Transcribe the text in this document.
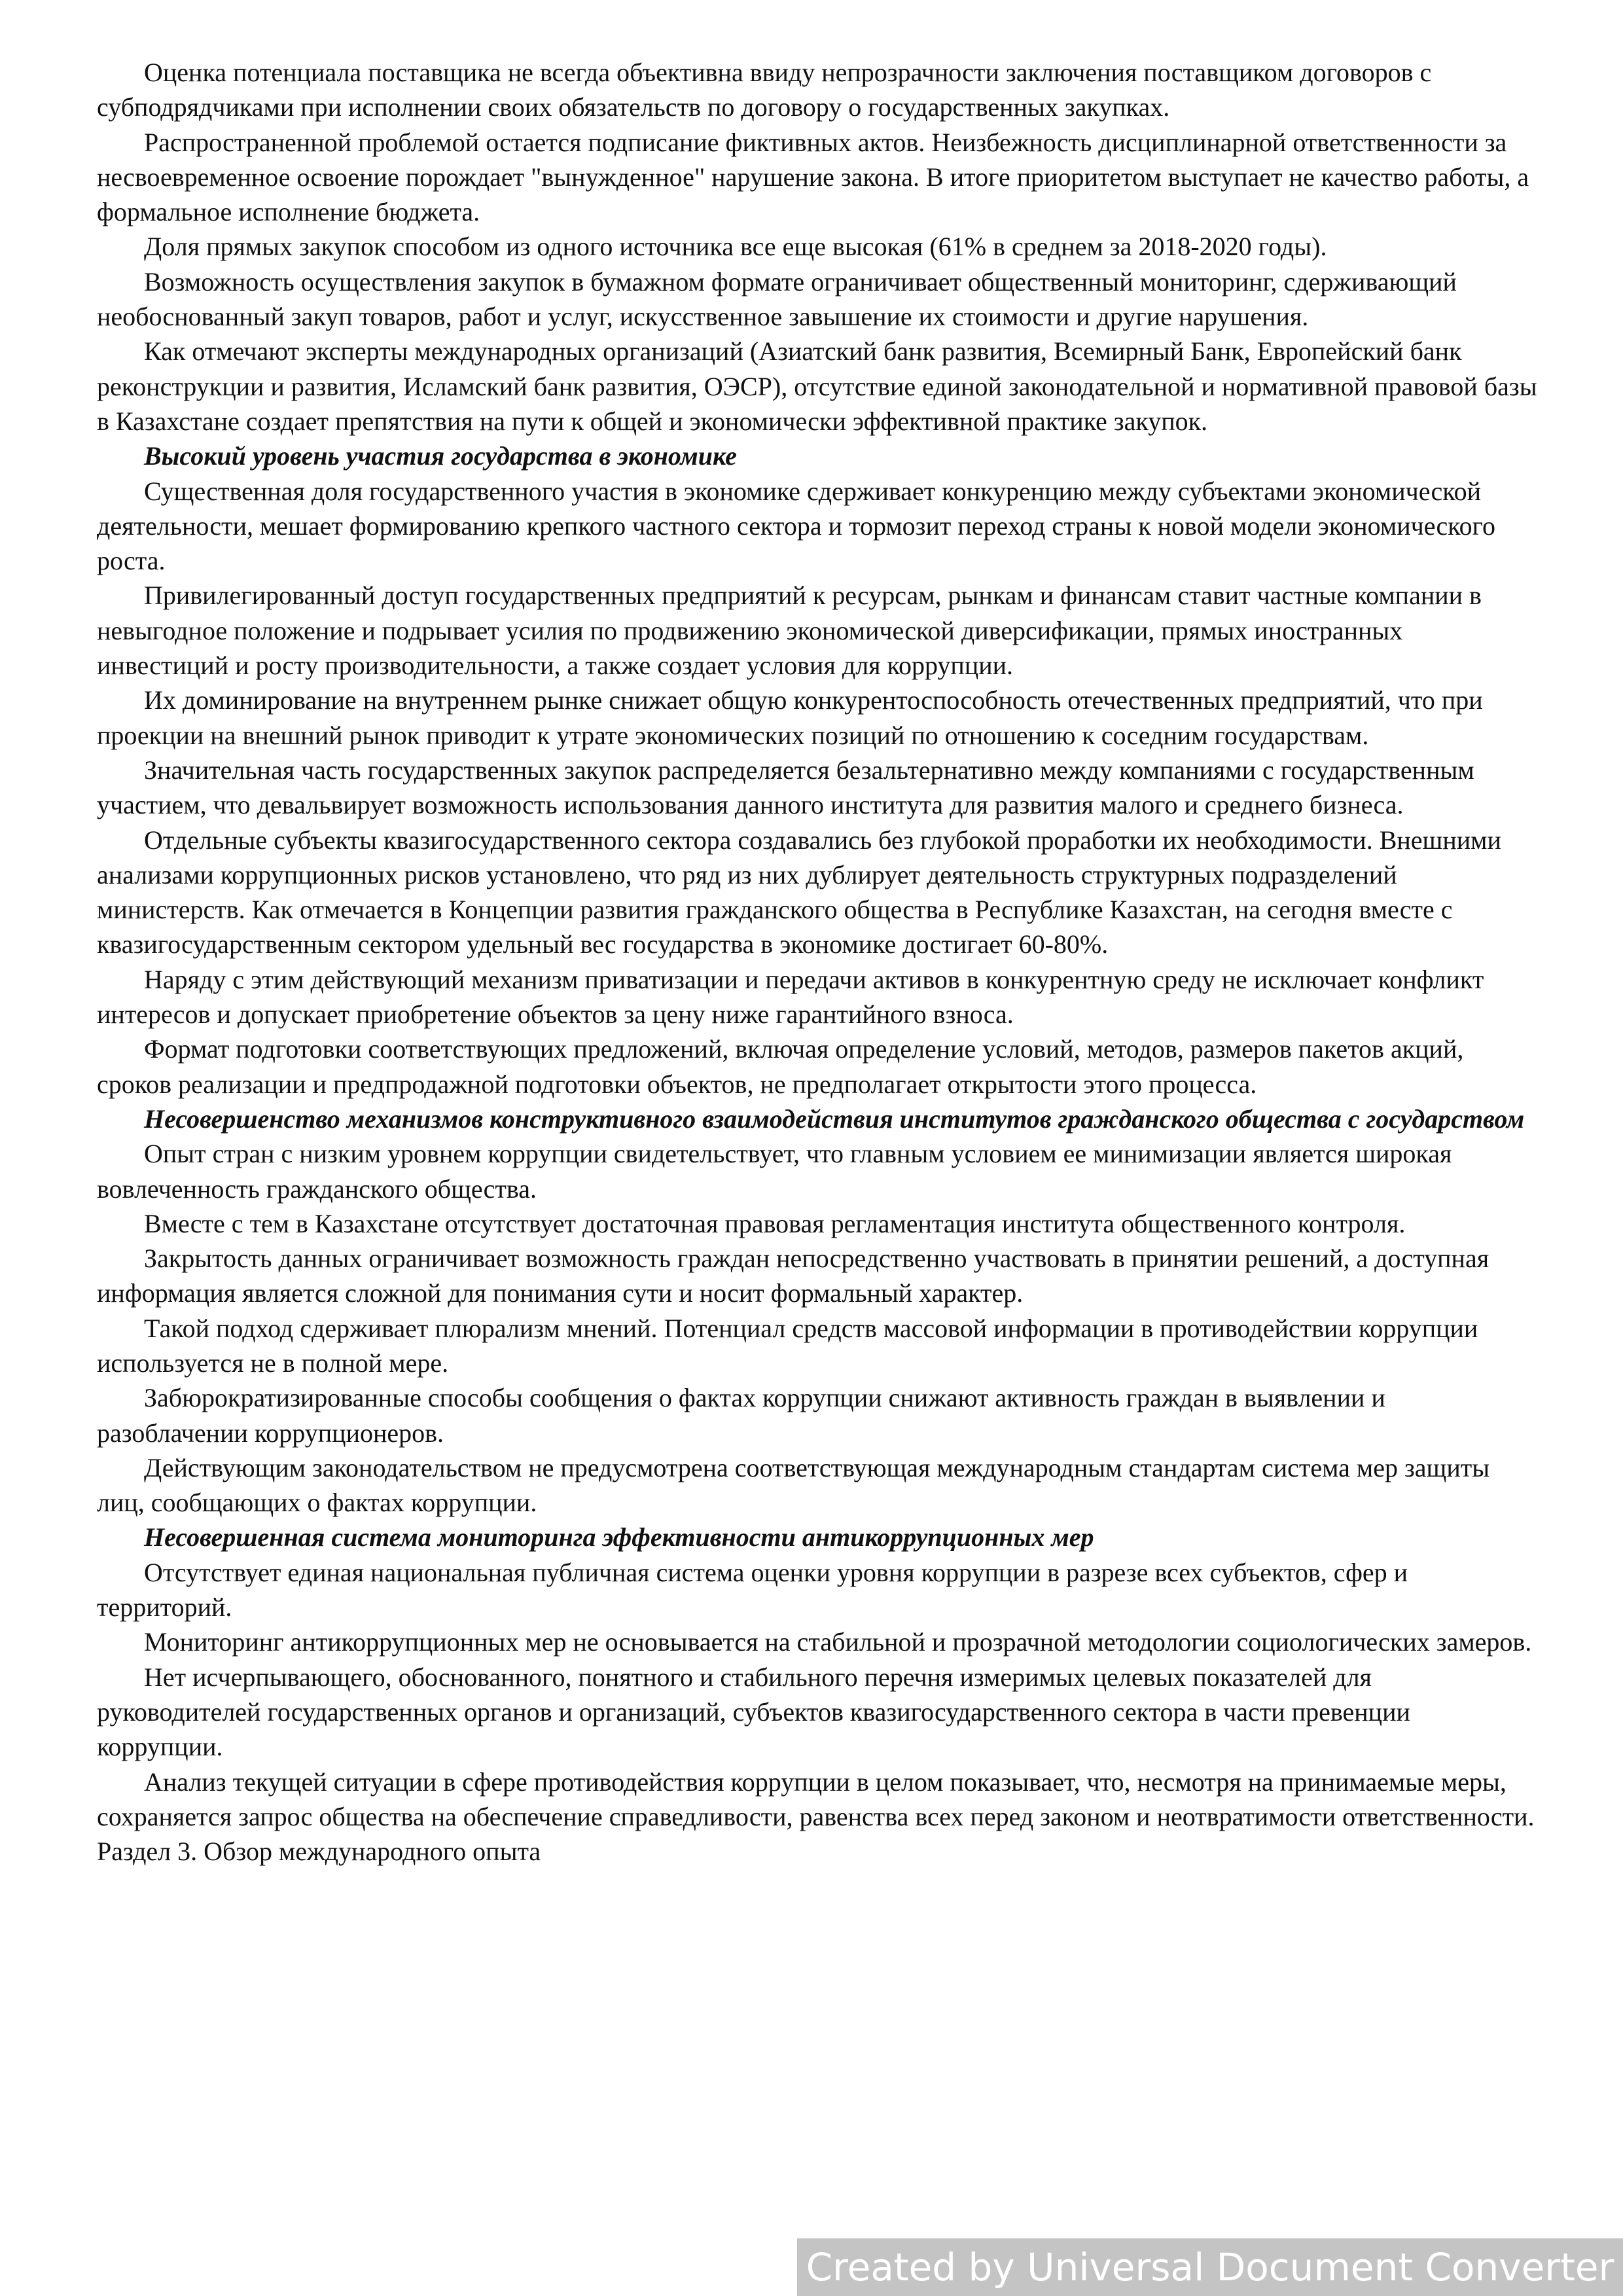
Оценка потенциала поставщика не всегда объективна ввиду непрозрачности заключения поставщиком договоров с субподрядчиками при исполнении своих обязательств по договору о государственных закупках.

Распространенной проблемой остается подписание фиктивных актов. Неизбежность дисциплинарной ответственности за несвоевременное освоение порождает "вынужденное" нарушение закона. В итоге приоритетом выступает не качество работы, а формальное исполнение бюджета.

Доля прямых закупок способом из одного источника все еще высокая (61% в среднем за 2018-2020 годы).

Возможность осуществления закупок в бумажном формате ограничивает общественный мониторинг, сдерживающий необоснованный закуп товаров, работ и услуг, искусственное завышение их стоимости и другие нарушения.

Как отмечают эксперты международных организаций (Азиатский банк развития, Всемирный Банк, Европейский банк реконструкции и развития, Исламский банк развития, ОЭСР), отсутствие единой законодательной и нормативной правовой базы в Казахстане создает препятствия на пути к общей и экономически эффективной практике закупок.

Высокий уровень участия государства в экономике

Существенная доля государственного участия в экономике сдерживает конкуренцию между субъектами экономической деятельности, мешает формированию крепкого частного сектора и тормозит переход страны к новой модели экономического роста.

Привилегированный доступ государственных предприятий к ресурсам, рынкам и финансам ставит частные компании в невыгодное положение и подрывает усилия по продвижению экономической диверсификации, прямых иностранных инвестиций и росту производительности, а также создает условия для коррупции.

Их доминирование на внутреннем рынке снижает общую конкурентоспособность отечественных предприятий, что при проекции на внешний рынок приводит к утрате экономических позиций по отношению к соседним государствам.

Значительная часть государственных закупок распределяется безальтернативно между компаниями с государственным участием, что девальвирует возможность использования данного института для развития малого и среднего бизнеса.

Отдельные субъекты квазигосударственного сектора создавались без глубокой проработки их необходимости. Внешними анализами коррупционных рисков установлено, что ряд из них дублирует деятельность структурных подразделений министерств. Как отмечается в Концепции развития гражданского общества в Республике Казахстан, на сегодня вместе с квазигосударственным сектором удельный вес государства в экономике достигает 60-80%.

Наряду с этим действующий механизм приватизации и передачи активов в конкурентную среду не исключает конфликт интересов и допускает приобретение объектов за цену ниже гарантийного взноса.

Формат подготовки соответствующих предложений, включая определение условий, методов, размеров пакетов акций, сроков реализации и предпродажной подготовки объектов, не предполагает открытости этого процесса.

Несовершенство механизмов конструктивного взаимодействия институтов гражданского общества с государством

Опыт стран с низким уровнем коррупции свидетельствует, что главным условием ее минимизации является широкая вовлеченность гражданского общества.

Вместе с тем в Казахстане отсутствует достаточная правовая регламентация института общественного контроля.

Закрытость данных ограничивает возможность граждан непосредственно участвовать в принятии решений, а доступная информация является сложной для понимания сути и носит формальный характер.

Такой подход сдерживает плюрализм мнений. Потенциал средств массовой информации в противодействии коррупции используется не в полной мере.

Забюрократизированные способы сообщения о фактах коррупции снижают активность граждан в выявлении и разоблачении коррупционеров.

Действующим законодательством не предусмотрена соответствующая международным стандартам система мер защиты лиц, сообщающих о фактах коррупции.

Несовершенная система мониторинга эффективности антикоррупционных мер

Отсутствует единая национальная публичная система оценки уровня коррупции в разрезе всех субъектов, сфер и территорий.

Мониторинг антикоррупционных мер не основывается на стабильной и прозрачной методологии социологических замеров.

Нет исчерпывающего, обоснованного, понятного и стабильного перечня измеримых целевых показателей для руководителей государственных органов и организаций, субъектов квазигосударственного сектора в части превенции коррупции.

Анализ текущей ситуации в сфере противодействия коррупции в целом показывает, что, несмотря на принимаемые меры, сохраняется запрос общества на обеспечение справедливости, равенства всех перед законом и неотвратимости ответственности.

Раздел 3. Обзор международного опыта

Created by Universal Document Converter
